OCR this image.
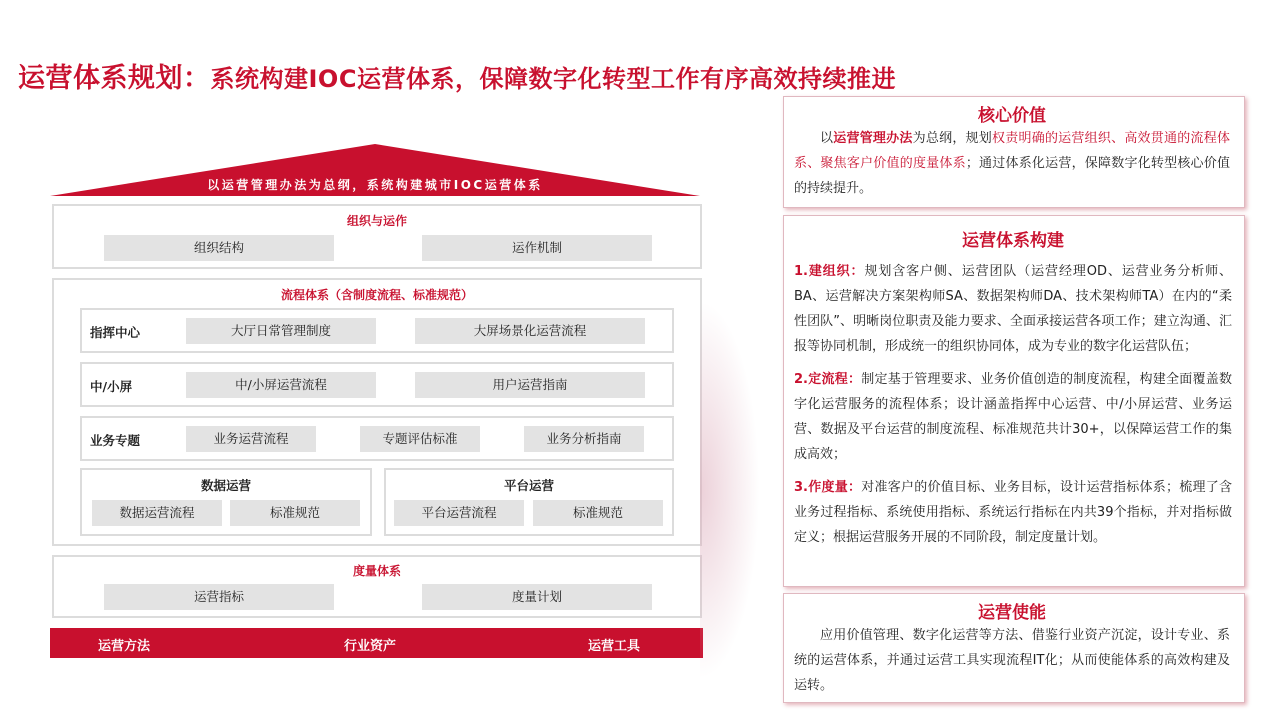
运营体系规划：系统构建IOC运营体系，保障数字化转型工作有序高效持续推进
以运营管理办法为总纲，系统构建城市IOC运营体系
组织与运作
组织结构	运作机制
流程体系（含制度流程、标准规范）
指挥中心	大厅日常管理制度	大屏场景化运营流程
中/小屏	中/小屏运营流程	用户运营指南
业务专题	业务运营流程	专题评估标准	业务分析指南
数据运营
数据运营流程	标准规范
平台运营
平台运营流程	标准规范
度量体系
运营指标	度量计划
运营方法	行业资产	运营工具
核心价值

以运营管理办法为总纲，规划权责明确的运营组织、高效贯通的流程体系、聚焦客户价值的度量体系；通过体系化运营，保障数字化转型核心价值的持续提升。

运营体系构建

1.建组织：规划含客户侧、运营团队（运营经理OD、运营业务分析师、BA、运营解决方案架构师SA、数据架构师DA、技术架构师TA）在内的“柔性团队”、明晰岗位职责及能力要求、全面承接运营各项工作；建立沟通、汇报等协同机制，形成统一的组织协同体，成为专业的数字化运营队伍；

2.定流程：制定基于管理要求、业务价值创造的制度流程，构建全面覆盖数字化运营服务的流程体系；设计涵盖指挥中心运营、中/小屏运营、业务运营、数据及平台运营的制度流程、标准规范共计30+，以保障运营工作的集成高效；

3.作度量：对准客户的价值目标、业务目标，设计运营指标体系；梳理了含业务过程指标、系统使用指标、系统运行指标在内共39个指标，并对指标做定义；根据运营服务开展的不同阶段，制定度量计划。

运营使能

应用价值管理、数字化运营等方法、借鉴行业资产沉淀，设计专业、系统的运营体系，并通过运营工具实现流程IT化；从而使能体系的高效构建及运转。
